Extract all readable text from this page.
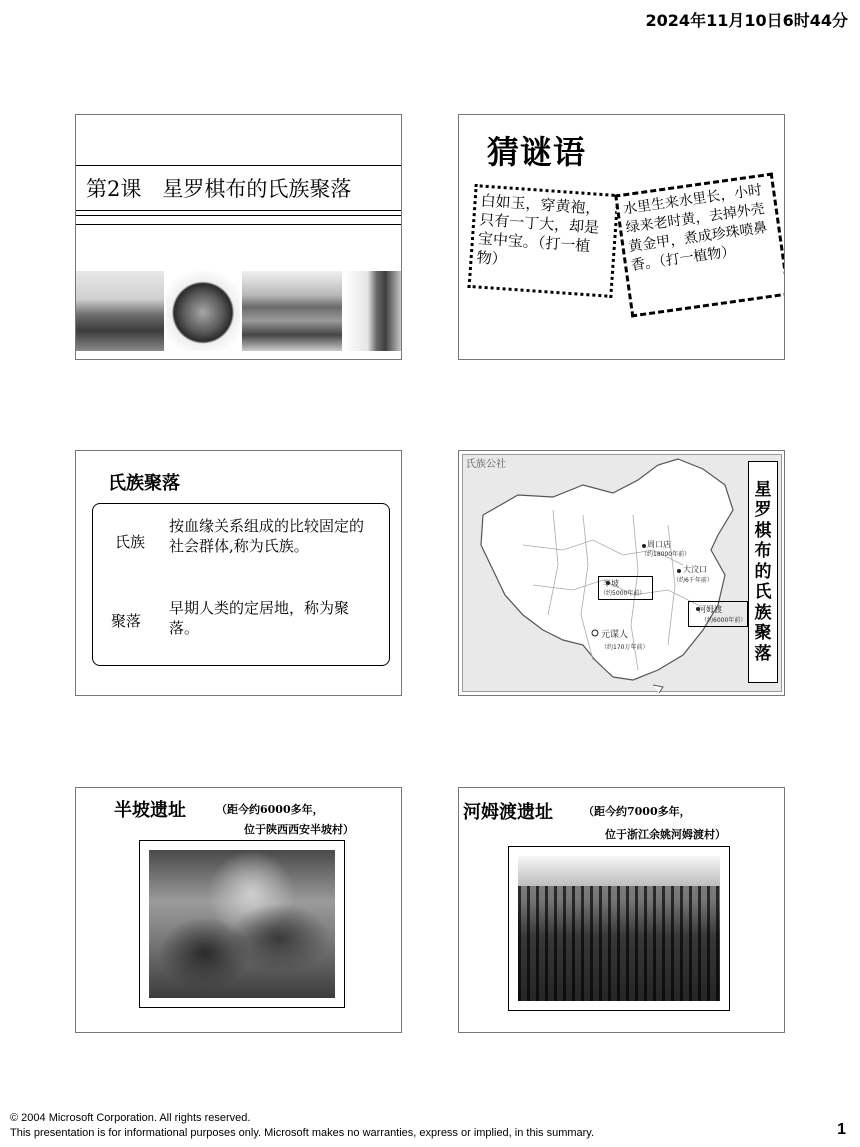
2024年11月10日6时44分
第2课　星罗棋布的氏族聚落
猜谜语
白如玉，穿黄袍，只有一丁大，却是宝中宝。（打一植物）
水里生来水里长，小时绿来老时黄，去掉外壳黄金甲，煮成珍珠喷鼻香。（打一植物）
氏族聚落
氏族
按血缘关系组成的比较固定的社会群体,称为氏族。
聚落
早期人类的定居地，称为聚落。
氏族公社
周口店
（约18000年前）
大汶口
（约6千年前）
半坡
（约5000年前）
河姆渡
（约6000年前）
元谋人
（约170万年前）
星
罗
棋
布
的
氏
族
聚
落
半坡遗址	（距今约6000多年，
位于陕西西安半坡村）
河姆渡遗址	（距今约7000多年，
位于浙江余姚河姆渡村）
© 2004 Microsoft Corporation. All rights reserved.
This presentation is for informational purposes only. Microsoft makes no warranties, express or implied, in this summary.	1
